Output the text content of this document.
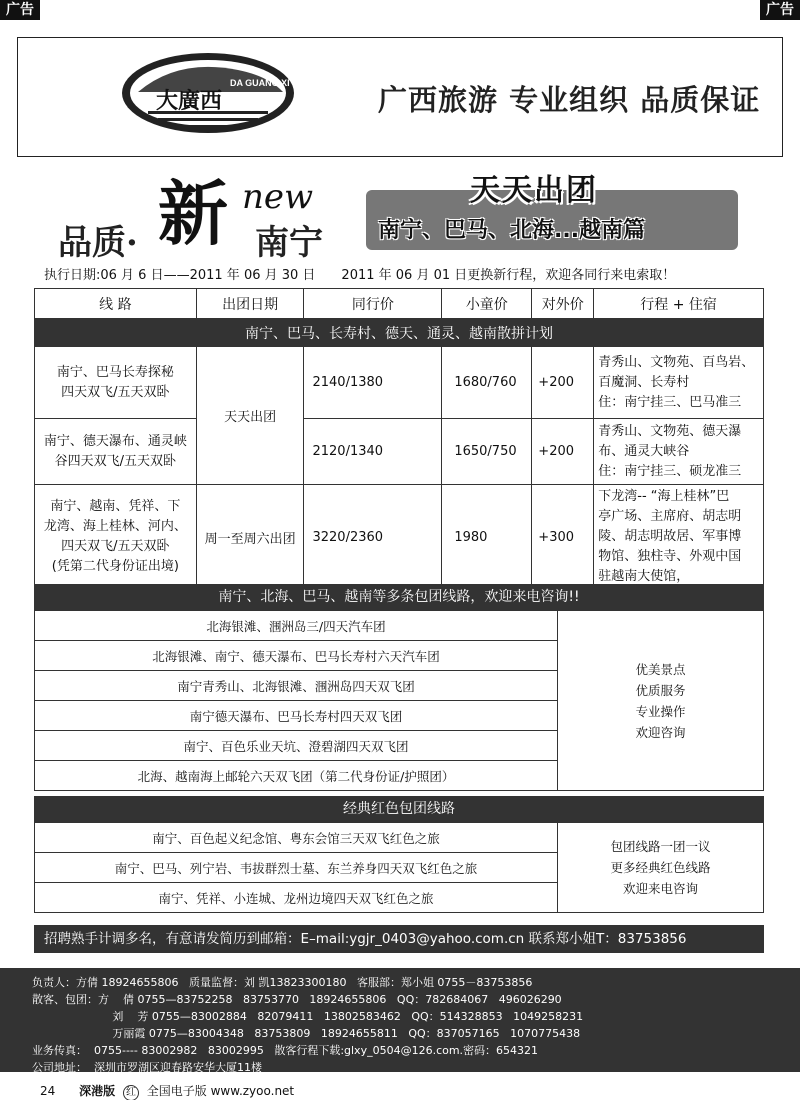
广告	广告
DA GUANG XI
大廣西	广西旅游 专业组织 品质保证
品质· 新 new
南宁
天天出团
南宁、巴马、北海...越南篇
执行日期:06 月 6 日——2011 年 06 月 30 日 2011 年 06 月 01 日更换新行程，欢迎各同行来电索取！
线 路	出团日期	同行价	小童价	对外价	行程 + 住宿
南宁、巴马、长寿村、德天、通灵、越南散拼计划					
南宁、巴马长寿探秘
四天双飞/五天双卧	天天出团	2140/1380	1680/760	+200	青秀山、文物苑、百鸟岩、
百魔洞、长寿村
住：南宁挂三、巴马准三
南宁、德天瀑布、通灵峡
谷四天双飞/五天双卧		2120/1340	1650/750	+200	青秀山、文物苑、德天瀑
布、通灵大峡谷
住：南宁挂三、硕龙准三
南宁、越南、凭祥、下
龙湾、海上桂林、河内、
四天双飞/五天双卧
(凭第二代身份证出境)	周一至周六出团	3220/2360	1980	+300	下龙湾-- “海上桂林”巴
亭广场、主席府、胡志明
陵、胡志明故居、军事博
物馆、独柱寺、外观中国
驻越南大使馆，
南宁、北海、巴马、越南等多条包团线路，欢迎来电咨询!!
北海银滩、涠洲岛三/四天汽车团	
优美景点
优质服务
专业操作
欢迎咨询

北海银滩、南宁、德天瀑布、巴马长寿村六天汽车团
南宁青秀山、北海银滩、涠洲岛四天双飞团
南宁德天瀑布、巴马长寿村四天双飞团
南宁、百色乐业天坑、澄碧湖四天双飞团
北海、越南海上邮轮六天双飞团（第二代身份证/护照团）
经典红色包团线路
南宁、百色起义纪念馆、粤东会馆三天双飞红色之旅	
包团线路一团一议
更多经典红色线路
欢迎来电咨询

南宁、巴马、列宁岩、韦拔群烈士墓、东兰养身四天双飞红色之旅
南宁、凭祥、小连城、龙州边境四天双飞红色之旅
招聘熟手计调多名，有意请发简历到邮箱：E–mail:ygjr_0403@yahoo.com.cn 联系郑小姐T：83753856
负责人：方倩 18924655806   质量监督：刘 凯13823300180   客服部：郑小姐 0755－83753856
散客、包团：方    倩 0755—83752258   83753770   18924655806   QQ：782684067   496026290
刘    芳 0755—83002884   82079411   13802583462   QQ：514328853   1049258231
万丽霞 0775—83004348   83753809   18924655811   QQ：837057165   1070775438
业务传真：  0755---- 83002982   83002995   散客行程下载:glxy_0504@126.com.密码：654321
公司地址：  深圳市罗湖区迎春路安华大厦11楼
24 深港版 红 全国电子版 www.zyoo.net
